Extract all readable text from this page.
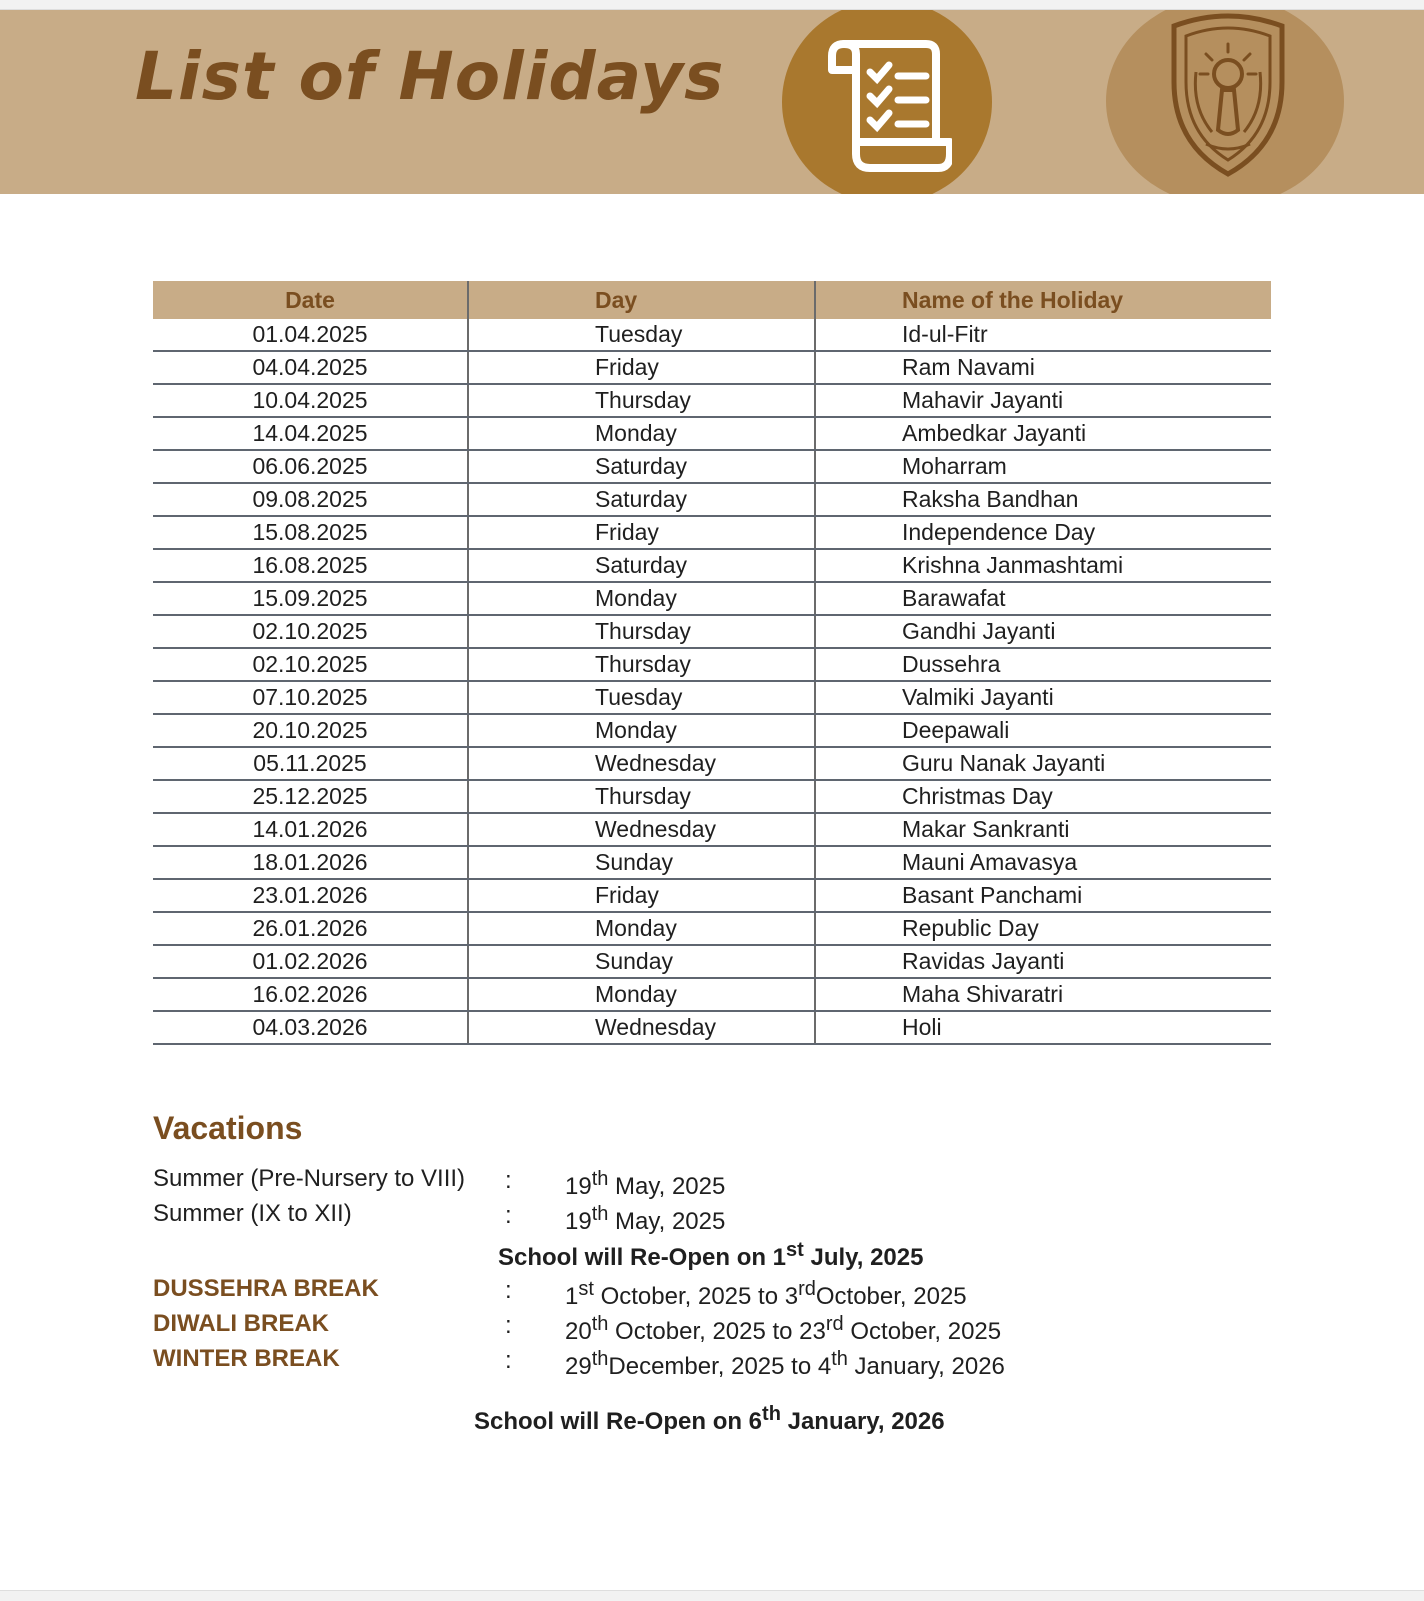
List of Holidays
Date	Day	Name of the Holiday
01.04.2025	Tuesday	Id-ul-Fitr
04.04.2025	Friday	Ram Navami
10.04.2025	Thursday	Mahavir Jayanti
14.04.2025	Monday	Ambedkar Jayanti
06.06.2025	Saturday	Moharram
09.08.2025	Saturday	Raksha Bandhan
15.08.2025	Friday	Independence Day
16.08.2025	Saturday	Krishna Janmashtami
15.09.2025	Monday	Barawafat
02.10.2025	Thursday	Gandhi Jayanti
02.10.2025	Thursday	Dussehra
07.10.2025	Tuesday	Valmiki Jayanti
20.10.2025	Monday	Deepawali
05.11.2025	Wednesday	Guru Nanak Jayanti
25.12.2025	Thursday	Christmas Day
14.01.2026	Wednesday	Makar Sankranti
18.01.2026	Sunday	Mauni Amavasya
23.01.2026	Friday	Basant Panchami
26.01.2026	Monday	Republic Day
01.02.2026	Sunday	Ravidas Jayanti
16.02.2026	Monday	Maha Shivaratri
04.03.2026	Wednesday	Holi
Vacations
Summer (Pre-Nursery to VIII) : 19th May, 2025
Summer (IX to XII)	: 19th May, 2025
School will Re-Open on 1st July, 2025
DUSSEHRA BREAK	: 1st October, 2025 to 3rdOctober, 2025
DIWALI BREAK	: 20th October, 2025 to 23rd October, 2025
WINTER BREAK	: 29thDecember, 2025 to 4th January, 2026
School will Re-Open on 6th January, 2026
